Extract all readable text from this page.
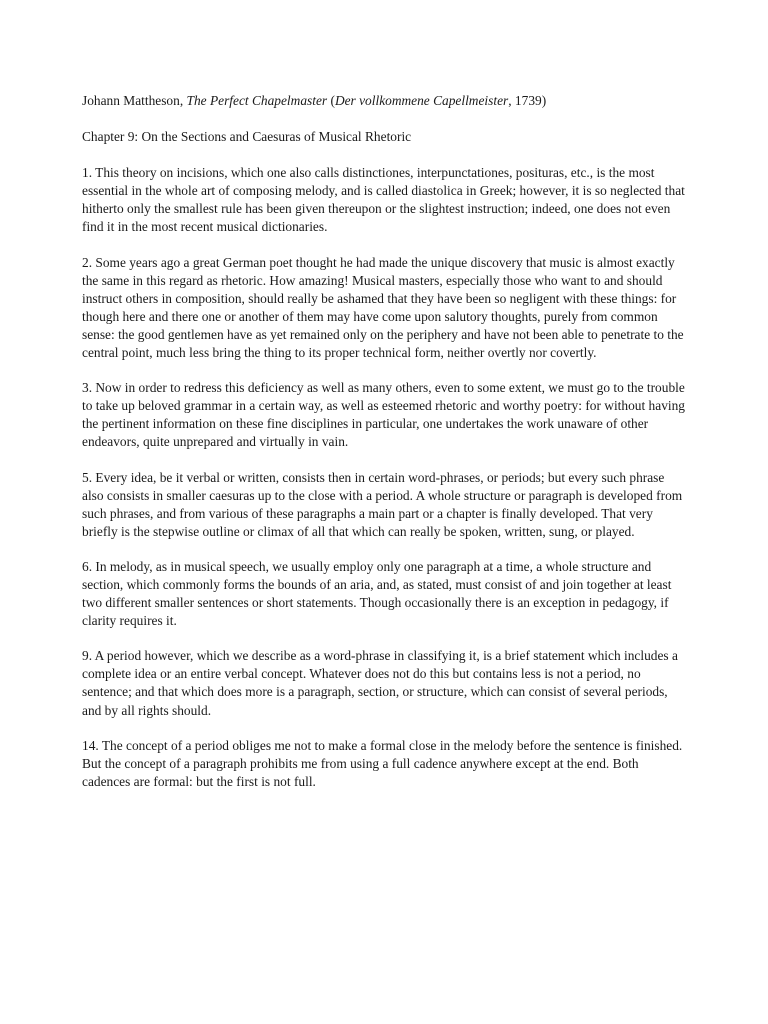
Johann Mattheson, The Perfect Chapelmaster (Der vollkommene Capellmeister, 1739)

Chapter 9: On the Sections and Caesuras of Musical Rhetoric

1. This theory on incisions, which one also calls distinctiones, interpunctationes, posituras, etc., is the most essential in the whole art of composing melody, and is called diastolica in Greek; however, it is so neglected that hitherto only the smallest rule has been given thereupon or the slightest instruction; indeed, one does not even find it in the most recent musical dictionaries.

2. Some years ago a great German poet thought he had made the unique discovery that music is almost exactly the same in this regard as rhetoric. How amazing! Musical masters, especially those who want to and should instruct others in composition, should really be ashamed that they have been so negligent with these things: for though here and there one or another of them may have come upon salutory thoughts, purely from common sense: the good gentlemen have as yet remained only on the periphery and have not been able to penetrate to the central point, much less bring the thing to its proper technical form, neither overtly nor covertly.

3. Now in order to redress this deficiency as well as many others, even to some extent, we must go to the trouble to take up beloved grammar in a certain way, as well as esteemed rhetoric and worthy poetry: for without having the pertinent information on these fine disciplines in particular, one undertakes the work unaware of other endeavors, quite unprepared and virtually in vain.

5. Every idea, be it verbal or written, consists then in certain word-phrases, or periods; but every such phrase also consists in smaller caesuras up to the close with a period. A whole structure or paragraph is developed from such phrases, and from various of these paragraphs a main part or a chapter is finally developed. That very briefly is the stepwise outline or climax of all that which can really be spoken, written, sung, or played.

6. In melody, as in musical speech, we usually employ only one paragraph at a time, a whole structure and section, which commonly forms the bounds of an aria, and, as stated, must consist of and join together at least two different smaller sentences or short statements. Though occasionally there is an exception in pedagogy, if clarity requires it.

9. A period however, which we describe as a word-phrase in classifying it, is a brief statement which includes a complete idea or an entire verbal concept. Whatever does not do this but contains less is not a period, no sentence; and that which does more is a paragraph, section, or structure, which can consist of several periods, and by all rights should.

14. The concept of a period obliges me not to make a formal close in the melody before the sentence is finished. But the concept of a paragraph prohibits me from using a full cadence anywhere except at the end. Both cadences are formal: but the first is not full.
